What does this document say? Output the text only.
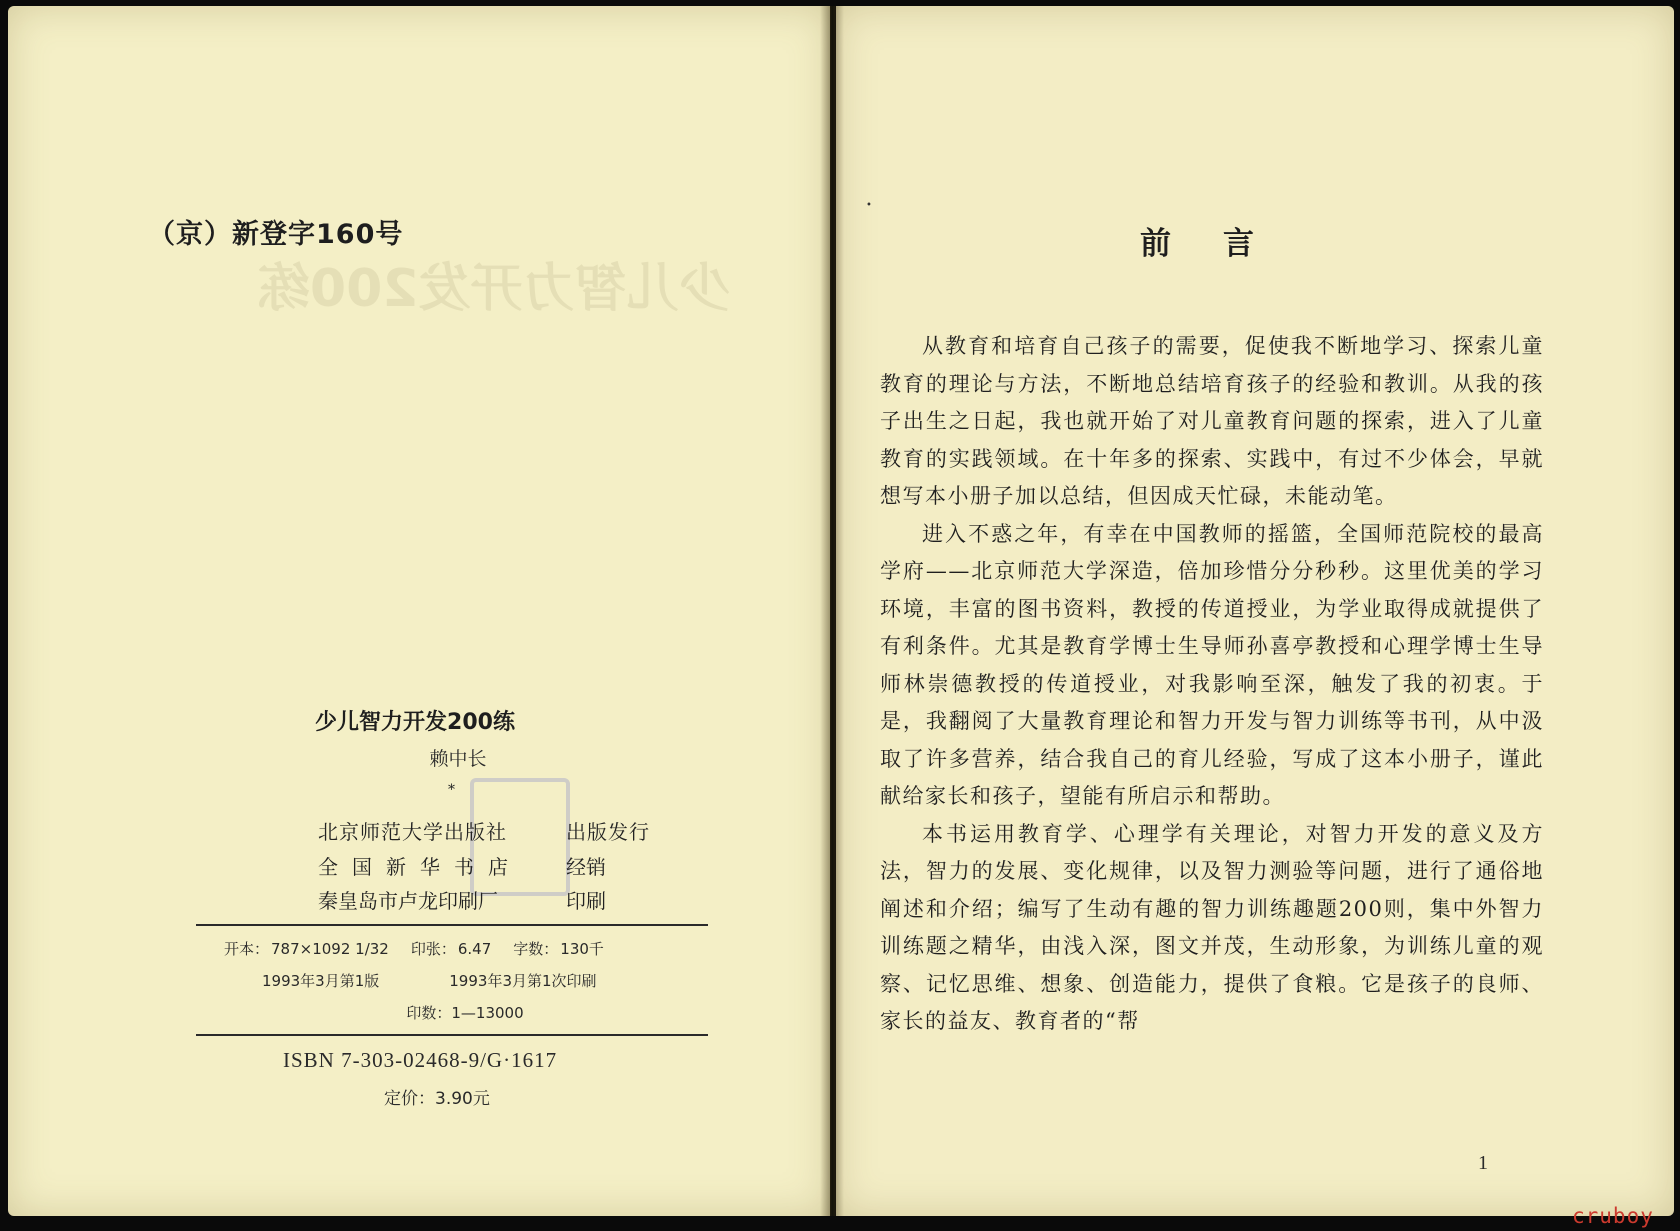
少儿智力开发200练
（京）新登字160号
少儿智力开发200练
赖中长
*
北京师范大学出版社	出版发行
全国新华书店 经销
秦皇岛市卢龙印刷厂	印刷
开本： 787×1092 1/32 印张： 6.47 字数： 130千
1993年3月第1版	1993年3月第1次印刷
印数：1—13000
ISBN 7-303-02468-9/G·1617
定价：3.90元
•
前言

从教育和培育自己孩子的需要，促使我不断地学习、探索儿童教育的理论与方法，不断地总结培育孩子的经验和教训。从我的孩子出生之日起，我也就开始了对儿童教育问题的探索，进入了儿童教育的实践领域。在十年多的探索、实践中，有过不少体会，早就想写本小册子加以总结，但因成天忙碌，未能动笔。

进入不惑之年，有幸在中国教师的摇篮，全国师范院校的最高学府——北京师范大学深造，倍加珍惜分分秒秒。这里优美的学习环境，丰富的图书资料，教授的传道授业，为学业取得成就提供了有利条件。尤其是教育学博士生导师孙喜亭教授和心理学博士生导师林崇德教授的传道授业，对我影响至深，触发了我的初衷。于是，我翻阅了大量教育理论和智力开发与智力训练等书刊，从中汲取了许多营养，结合我自己的育儿经验，写成了这本小册子，谨此献给家长和孩子，望能有所启示和帮助。

本书运用教育学、心理学有关理论，对智力开发的意义及方法，智力的发展、变化规律，以及智力测验等问题，进行了通俗地阐述和介绍；编写了生动有趣的智力训练趣题200则，集中外智力训练题之精华，由浅入深，图文并茂，生动形象，为训练儿童的观察、记忆思维、想象、创造能力，提供了食粮。它是孩子的良师、家长的益友、教育者的“帮

1
cruboy
